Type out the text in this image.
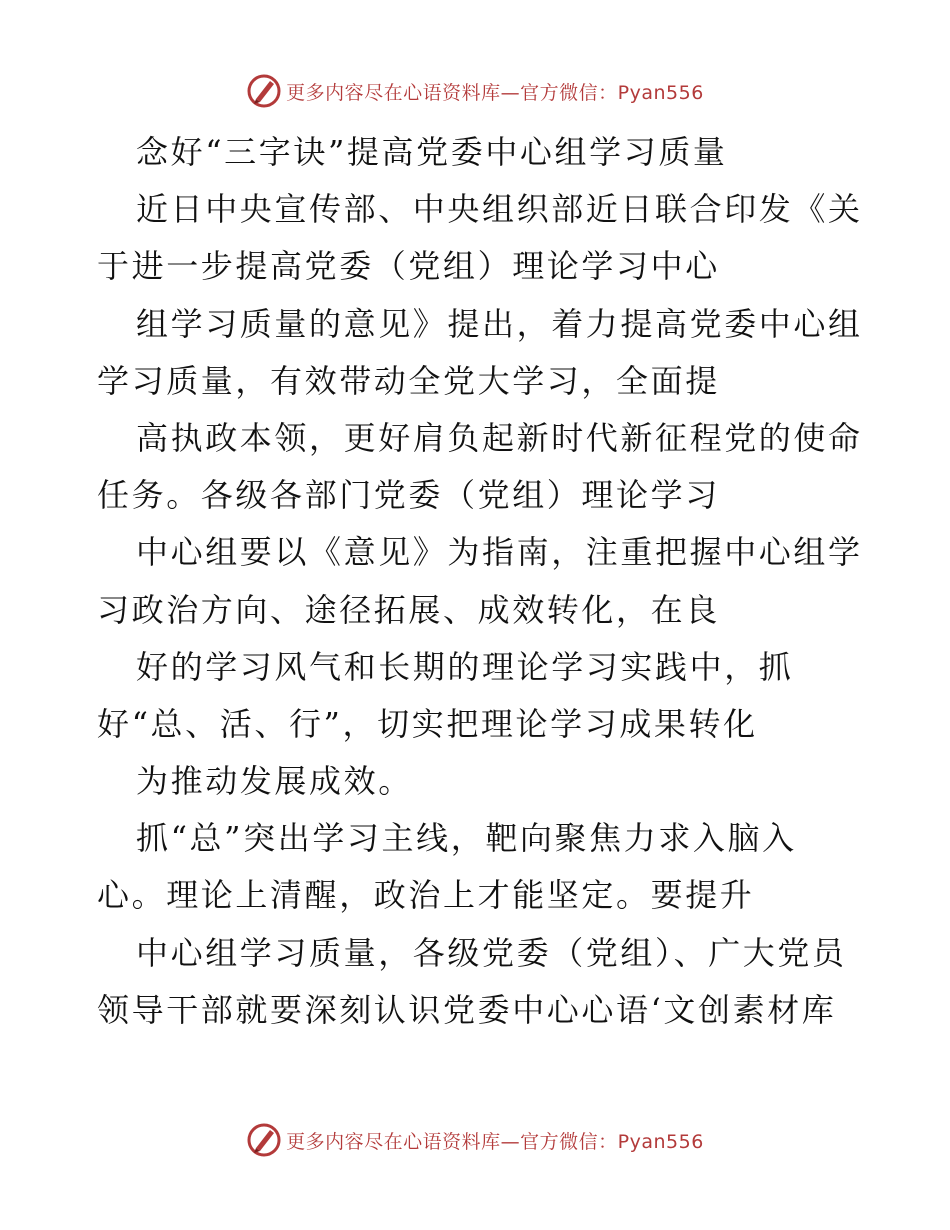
更多内容尽在心语资料库—官方微信：Pyan556
念好“三字诀”提高党委中心组学习质量
近日中央宣传部、中央组织部近日联合印发《关
于进一步提高党委（党组）理论学习中心
组学习质量的意见》提出，着力提高党委中心组
学习质量，有效带动全党大学习，全面提
高执政本领，更好肩负起新时代新征程党的使命
任务。各级各部门党委（党组）理论学习
中心组要以《意见》为指南，注重把握中心组学
习政治方向、途径拓展、成效转化，在良
好的学习风气和长期的理论学习实践中，抓
好“总、活、行”，切实把理论学习成果转化
为推动发展成效。
抓“总”突出学习主线，靶向聚焦力求入脑入
心。理论上清醒，政治上才能坚定。要提升
中心组学习质量，各级党委（党组）、广大党员
领导干部就要深刻认识党委中心心语‘文创素材库
更多内容尽在心语资料库—官方微信：Pyan556
